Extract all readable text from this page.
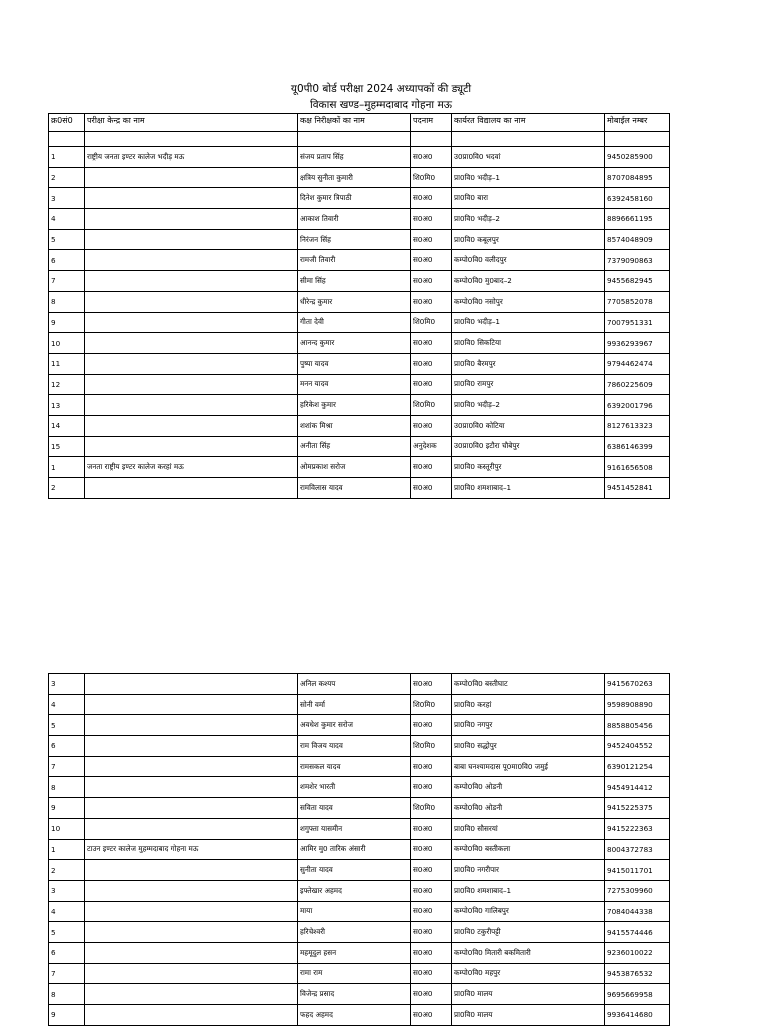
यू0पी0 बोर्ड परीक्षा 2024 अध्यापकों की ड्यूटी
विकास खण्ड–मुहम्मदाबाद गोहना मऊ
क्र0सं0	परीक्षा केन्द्र का नाम	कक्ष निरीक्षकों का नाम	पदनाम	कार्यरत विद्यालय का नाम	मोबाईल नम्बर

1	राष्ट्रीय जनता इण्टर कालेज भदीड़ मऊ	संजय प्रताप सिंह	स0अ0	उ0प्रा0वि0 भदवां	9450285900
2		क्षत्रिय सुनीता कुमारी	शि0मि0	प्रा0वि0 भदीड़–1	8707084895
3		दिनेश कुमार त्रिपाठी	स0अ0	प्रा0वि0 बारा	6392458160
4		आकाश तिवारी	स0अ0	प्रा0वि0 भदीड़–2	8896661195
5		निरंजन सिंह	स0अ0	प्रा0वि0 कबूलपुर	8574048909
6		रामजी तिवारी	स0अ0	कम्पो0वि0 वलीदपुर	7379090863
7		सीमा सिंह	स0अ0	कम्पो0वि0 मु0बाद–2	9455682945
8		धीरेन्द्र कुमार	स0अ0	कम्पो0वि0 नसोपुर	7705852078
9		गीता देवी	शि0मि0	प्रा0वि0 भदीड़–1	7007951331
10		आनन्द कुमार	स0अ0	प्रा0वि0 सिकटिया	9936293967
11		पुष्पा यादव	स0अ0	प्रा0वि0 बैरमपुर	9794462474
12		मनन यादव	स0अ0	प्रा0वि0 रामपुर	7860225609
13		हरिकेश कुमार	शि0मि0	प्रा0वि0 भदीड़–2	6392001796
14		शशांक मिश्रा	स0अ0	उ0प्रा0वि0 कोटिया	8127613323
15		अनीता सिंह	अनुदेशक	उ0प्रा0वि0 इटौरा चौबेपुर	6386146399
1	जनता राष्ट्रीय इण्टर कालेज करहां मऊ	ओमप्रकाश सरोज	स0अ0	प्रा0वि0 कस्तूरीपुर	9161656508
2		रामविलास यादव	स0अ0	प्रा0वि0 शमशाबाद–1	9451452841
3		अनिल कश्यप	स0अ0	कम्पो0वि0 बस्तीघाट	9415670263
4		सोनी वर्मा	शि0मि0	प्रा0वि0 करहां	9598908890
5		अवधेश कुमार सरोज	स0अ0	प्रा0वि0 नगपुर	8858805456
6		राम विजय यादव	शि0मि0	प्रा0वि0 सद्धोपुर	9452404552
7		रामसकल यादव	स0अ0	बाबा घनश्यामदास पू0मा0वि0 जमुई	6390121254
8		शमशेर भारती	स0अ0	कम्पो0वि0 ओडनी	9454914412
9		सविता यादव	शि0मि0	कम्पो0वि0 ओडनी	9415225375
10		शगुफ्ता यासमीन	स0अ0	प्रा0वि0 सौसरयां	9415222363
1	टाउन इण्टर कालेज मुहम्मदाबाद गोहना मऊ	आमिर मु0 तारिक अंसारी	स0अ0	कम्पो0वि0 बस्तीकला	8004372783
2		सुनीता यादव	स0अ0	प्रा0वि0 नगरीपार	9415011701
3		इफ्तेखार अहमद	स0अ0	प्रा0वि0 शमशाबाद–1	7275309960
4		माया	स0अ0	कम्पो0वि0 गालिबपुर	7084044338
5		हरिचेश्वरी	स0अ0	प्रा0वि0 टकुरीपट्टी	9415574446
6		महमूदुल हसन	स0अ0	कम्पो0वि0 मितारी बकमितारी	9236010022
7		रामा राम	स0अ0	कम्पो0वि0 महपुर	9453876532
8		विजेन्द्र प्रसाद	स0अ0	प्रा0वि0 मालय	9695669958
9		फहद अहमद	स0अ0	प्रा0वि0 मालय	9936414680
